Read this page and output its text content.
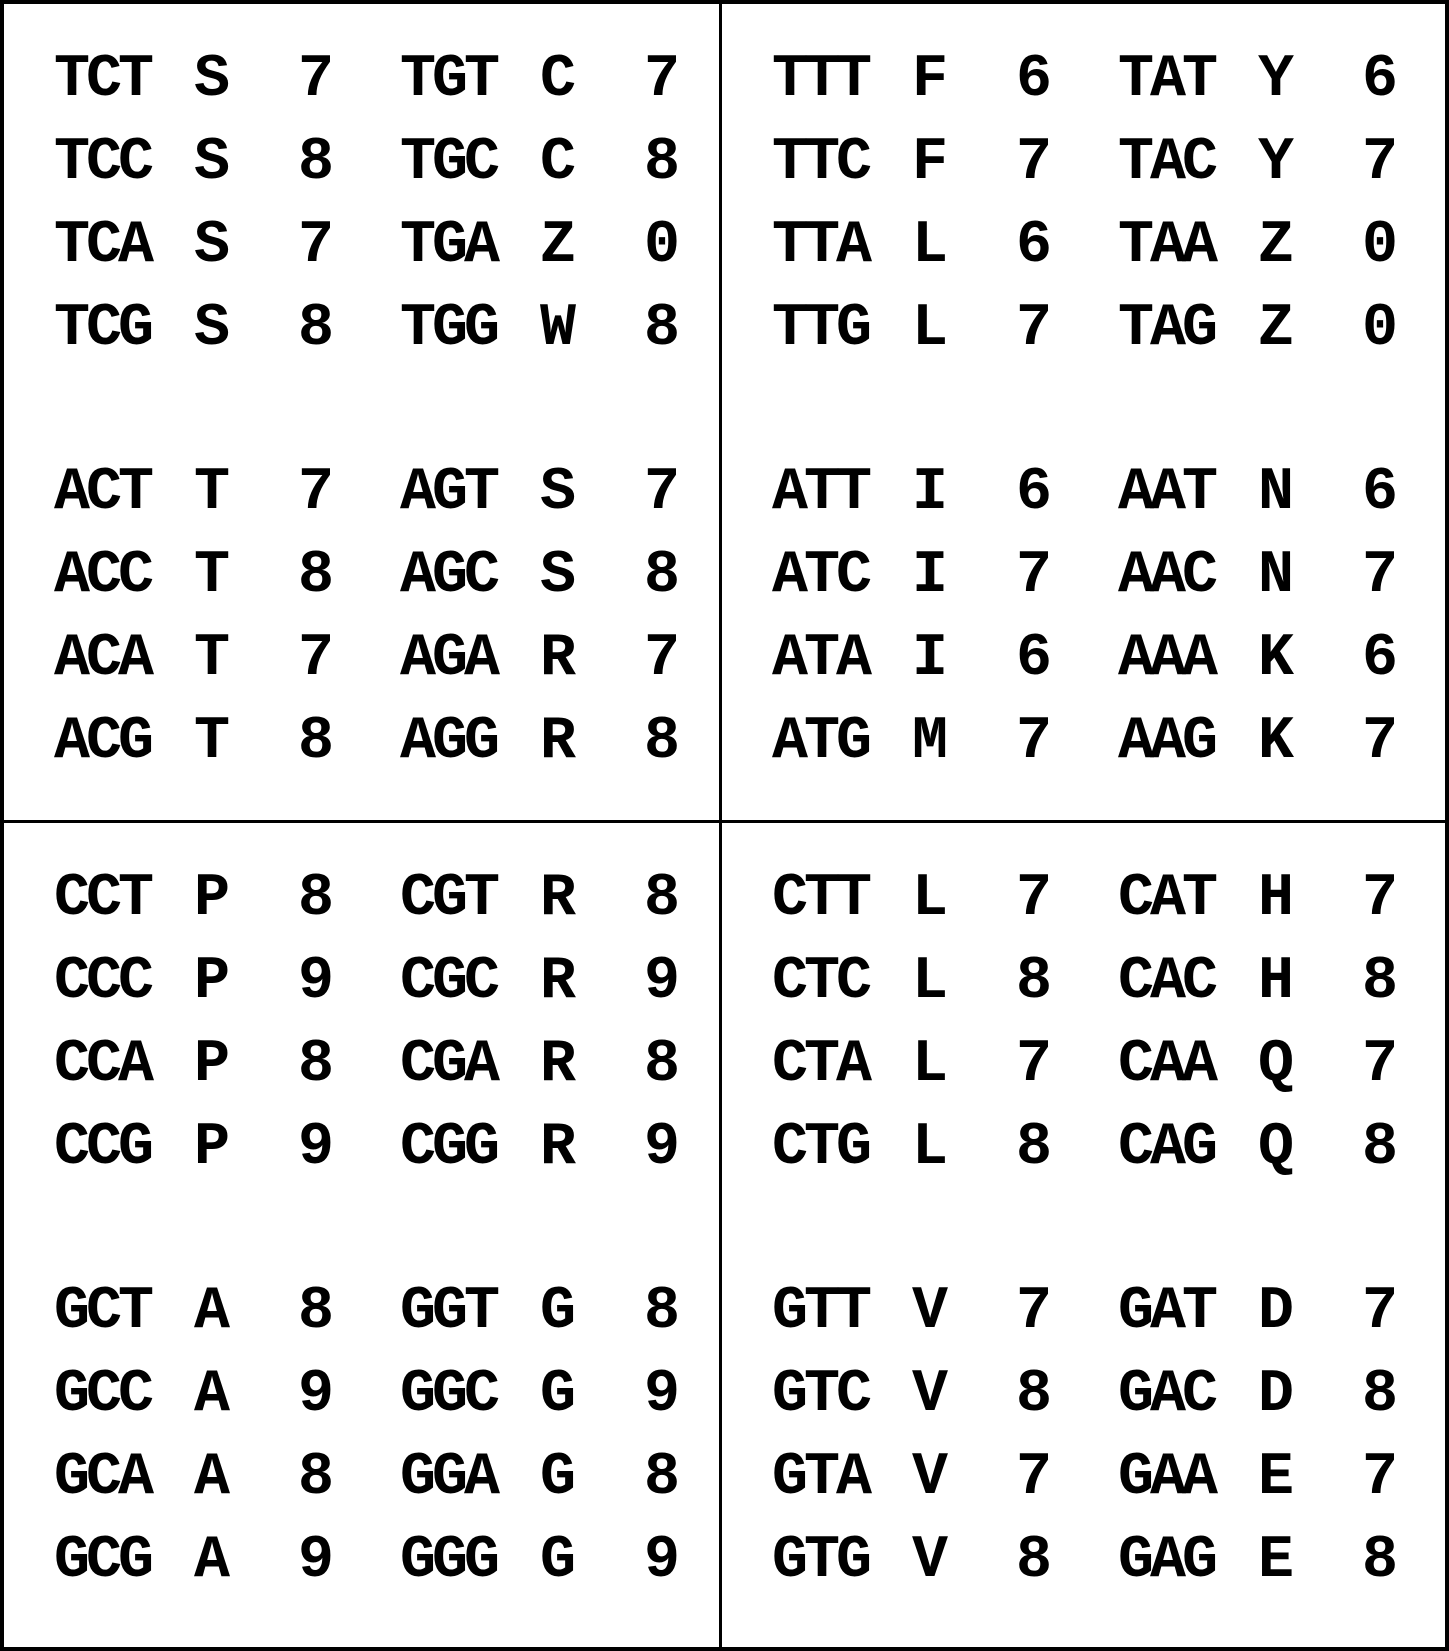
TCT S 7 TGT C 7
TCC S 8 TGC C 8
TCA S 7 TGA Z 0
TCG S 8 TGG W 8
ACT T 7 AGT S 7
ACC T 8 AGC S 8
ACA T 7 AGA R 7
ACG T 8 AGG R 8
TTT F 6 TAT Y 6
TTC F 7 TAC Y 7
TTA L 6 TAA Z 0
TTG L 7 TAG Z 0
ATT I 6 AAT N 6
ATC I 7 AAC N 7
ATA I 6 AAA K 6
ATG M 7 AAG K 7
CCT P 8 CGT R 8
CCC P 9 CGC R 9
CCA P 8 CGA R 8
CCG P 9 CGG R 9
GCT A 8 GGT G 8
GCC A 9 GGC G 9
GCA A 8 GGA G 8
GCG A 9 GGG G 9
CTT L 7 CAT H 7
CTC L 8 CAC H 8
CTA L 7 CAA Q 7
CTG L 8 CAG Q 8
GTT V 7 GAT D 7
GTC V 8 GAC D 8
GTA V 7 GAA E 7
GTG V 8 GAG E 8
